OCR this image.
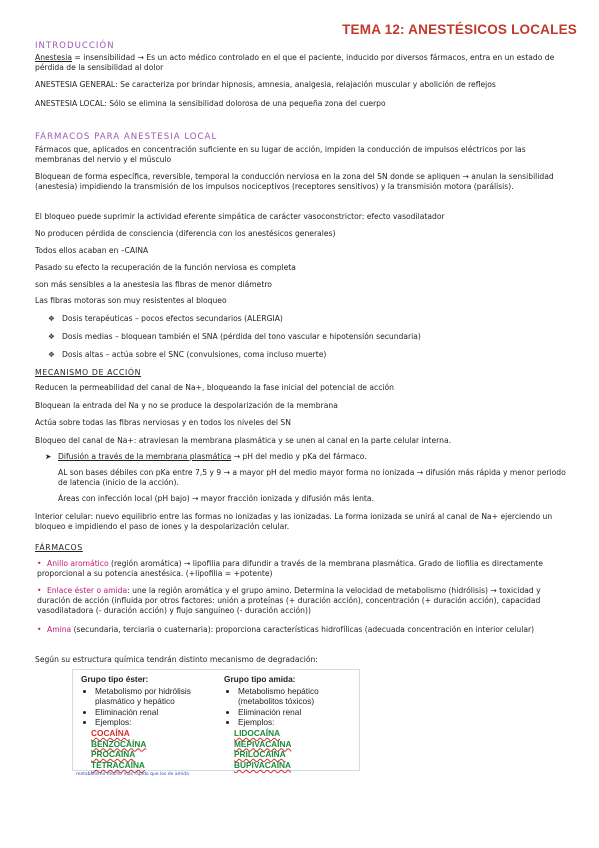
TEMA 12: ANESTÉSICOS LOCALES
INTRODUCCIÓN
Anestesia = insensibilidad → Es un acto médico controlado en el que el paciente, inducido por diversos fármacos, entra en un estado de pérdida de la sensibilidad al dolor
ANESTESIA GENERAL: Se caracteriza por brindar hipnosis, amnesia, analgesia, relajación muscular y abolición de reflejos
ANESTESIA LOCAL: Sólo se elimina la sensibilidad dolorosa de una pequeña zona del cuerpo
FÁRMACOS PARA ANESTESIA LOCAL
Fármacos que, aplicados en concentración suficiente en su lugar de acción, impiden la conducción de impulsos eléctricos por las membranas del nervio y el músculo
Bloquean de forma específica, reversible, temporal la conducción nerviosa en la zona del SN donde se apliquen → anulan la sensibilidad (anestesia) impidiendo la transmisión de los impulsos nociceptivos (receptores sensitivos) y la transmisión motora (parálisis).
El bloqueo puede suprimir la actividad eferente simpática de carácter vasoconstrictor: efecto vasodilatador
No producen pérdida de consciencia (diferencia con los anestésicos generales)
Todos ellos acaban en –CAINA
Pasado su efecto la recuperación de la función nerviosa es completa
son más sensibles a la anestesia las fibras de menor diámetro
Las fibras motoras son muy resistentes al bloqueo
❖ Dosis terapéuticas – pocos efectos secundarios (ALERGIA)
❖ Dosis medias – bloquean también el SNA (pérdida del tono vascular e hipotensión secundaria)
❖ Dosis altas – actúa sobre el SNC (convulsiones, coma incluso muerte)
MECANISMO DE ACCIÓN
Reducen la permeabilidad del canal de Na+, bloqueando la fase inicial del potencial de acción
Bloquean la entrada del Na y no se produce la despolarización de la membrana
Actúa sobre todas las fibras nerviosas y en todos los niveles del SN
Bloqueo del canal de Na+: atraviesan la membrana plasmática y se unen al canal en la parte celular interna.
➤ Difusión a través de la membrana plasmática → pH del medio y pKa del fármaco.
AL son bases débiles con pKa entre 7,5 y 9 → a mayor pH del medio mayor forma no ionizada → difusión más rápida y menor periodo de latencia (inicio de la acción).
Áreas con infección local (pH bajo) → mayor fracción ionizada y difusión más lenta.
Interior celular: nuevo equilibrio entre las formas no ionizadas y las ionizadas. La forma ionizada se unirá al canal de Na+ ejerciendo un bloqueo e impidiendo el paso de iones y la despolarización celular.
FÁRMACOS
• Anillo aromático (región aromática) → lipofilia para difundir a través de la membrana plasmática. Grado de liofilia es directamente proporcional a su potencia anestésica. (+lipofilia = +potente)
• Enlace éster o amida: une la región aromática y el grupo amino. Determina la velocidad de metabolismo (hidrólisis) → toxicidad y duración de acción (influida por otros factores: unión a proteínas (+ duración acción), concentración (+ duración acción), capacidad vasodilatadora (- duración acción) y flujo sanguíneo (- duración acción))
• Amina (secundaria, terciaria o cuaternaria): proporciona características hidrofílicas (adecuada concentración en interior celular)
Según su estructura química tendrán distinto mecanismo de degradación:
Grupo tipo éster:
• Metabolismo por hidrólisis plasmático y hepático
• Eliminación renal
• Ejemplos:
COCAÍNA
BENZOCAÍNA
PROCAÍNA
TETRACAÍNA
Grupo tipo amida:
• Metabolismo hepático (metabolitos tóxicos)
• Eliminación renal
• Ejemplos:
LIDOCAÍNA
MEPIVACAÍNA
PRILOCAÍNA
BUPIVACAÍNA
metabolismo mucho más rápido que los de amida
